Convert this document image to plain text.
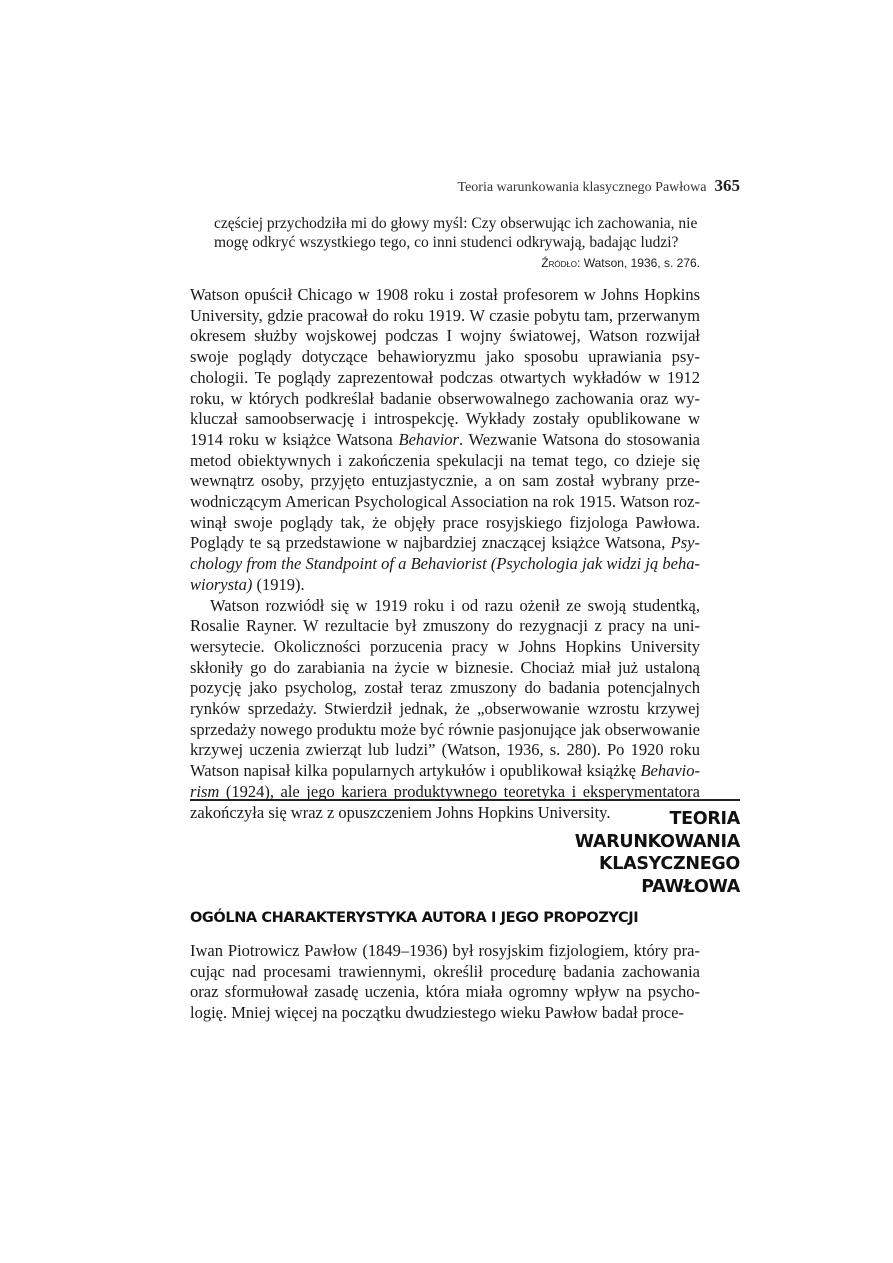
Teoria warunkowania klasycznego Pawłowa 365
częściej przychodziła mi do głowy myśl: Czy obserwując ich zachowania, nie
mogę odkryć wszystkiego tego, co inni studenci odkrywają, badając ludzi?
Źródło: Watson, 1936, s. 276.

Watson opuścił Chicago w 1908 roku i został profesorem w Johns Hopkins University, gdzie pracował do roku 1919. W czasie pobytu tam, przerwanym okresem służby wojskowej podczas I wojny światowej, Watson rozwijał swoje poglądy dotyczące behawioryzmu jako sposobu uprawiania psychologii. Te poglądy zaprezentował podczas otwartych wykładów w 1912 roku, w których podkreślał badanie obserwowalnego zachowania oraz wykluczał samoobserwację i introspekcję. Wykłady zostały opublikowane w 1914 roku w książce Watsona Behavior. Wezwanie Watsona do stosowania metod obiektywnych i zakończenia spekulacji na temat tego, co dzieje się wewnątrz osoby, przyjęto entuzjastycznie, a on sam został wybrany przewodniczącym American Psychological Association na rok 1915. Watson rozwinął swoje poglądy tak, że objęły prace rosyjskiego fizjologa Pawłowa. Poglądy te są przedstawione w najbardziej znaczącej książce Watsona, Psychology from the Standpoint of a Behaviorist (Psychologia jak widzi ją behawiorysta) (1919).

Watson rozwiódł się w 1919 roku i od razu ożenił ze swoją studentką, Rosalie Rayner. W rezultacie był zmuszony do rezygnacji z pracy na uniwersytecie. Okoliczności porzucenia pracy w Johns Hopkins University skłoniły go do zarabiania na życie w biznesie. Chociaż miał już ustaloną pozycję jako psycholog, został teraz zmuszony do badania potencjalnych rynków sprzedaży. Stwierdził jednak, że „obserwowanie wzrostu krzywej sprzedaży nowego produktu może być równie pasjonujące jak obserwowanie krzywej uczenia zwierząt lub ludzi” (Watson, 1936, s. 280). Po 1920 roku Watson napisał kilka popularnych artykułów i opublikował książkę Behaviorism (1924), ale jego kariera produktywnego teoretyka i eksperymentatora zakończyła się wraz z opuszczeniem Johns Hopkins University.	TEORIA
WARUNKOWANIA
KLASYCZNEGO
PAWŁOWA
OGÓLNA CHARAKTERYSTYKA AUTORA I JEGO PROPOZYCJI

Iwan Piotrowicz Pawłow (1849–1936) był rosyjskim fizjologiem, który pracując nad procesami trawiennymi, określił procedurę badania zachowania oraz sformułował zasadę uczenia, która miała ogromny wpływ na psychologię. Mniej więcej na początku dwudziestego wieku Pawłow badał proce-
